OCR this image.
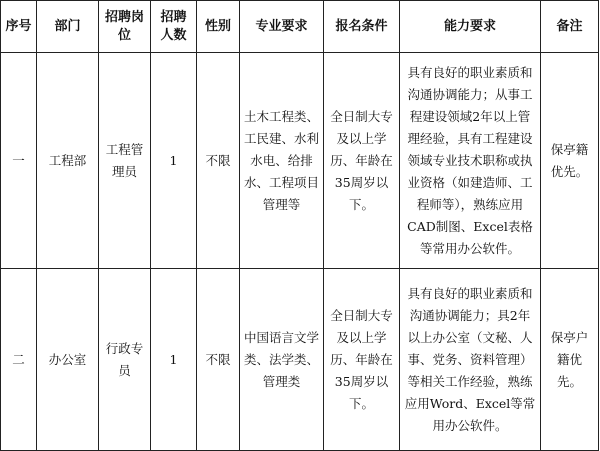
序号	部门	招聘岗位	招聘人数	性别	专业要求	报名条件	能力要求	备注
一	工程部	工程管理员	1	不限	土木工程类、工民建、水利水电、给排水、工程项目管理等	全日制大专及以上学历、年龄在35周岁以下。	具有良好的职业素质和沟通协调能力；从事工程建设领域2年以上管理经验，具有工程建设领域专业技术职称或执业资格（如建造师、工程师等），熟练应用CAD制图、Excel表格等常用办公软件。	保亭籍优先。
二	办公室	行政专员	1	不限	中国语言文学类、法学类、管理类	全日制大专及以上学历、年龄在35周岁以下。	具有良好的职业素质和沟通协调能力；具2年以上办公室（文秘、人事、党务、资料管理）等相关工作经验，熟练应用Word、Excel等常用办公软件。	保亭户籍优先。
